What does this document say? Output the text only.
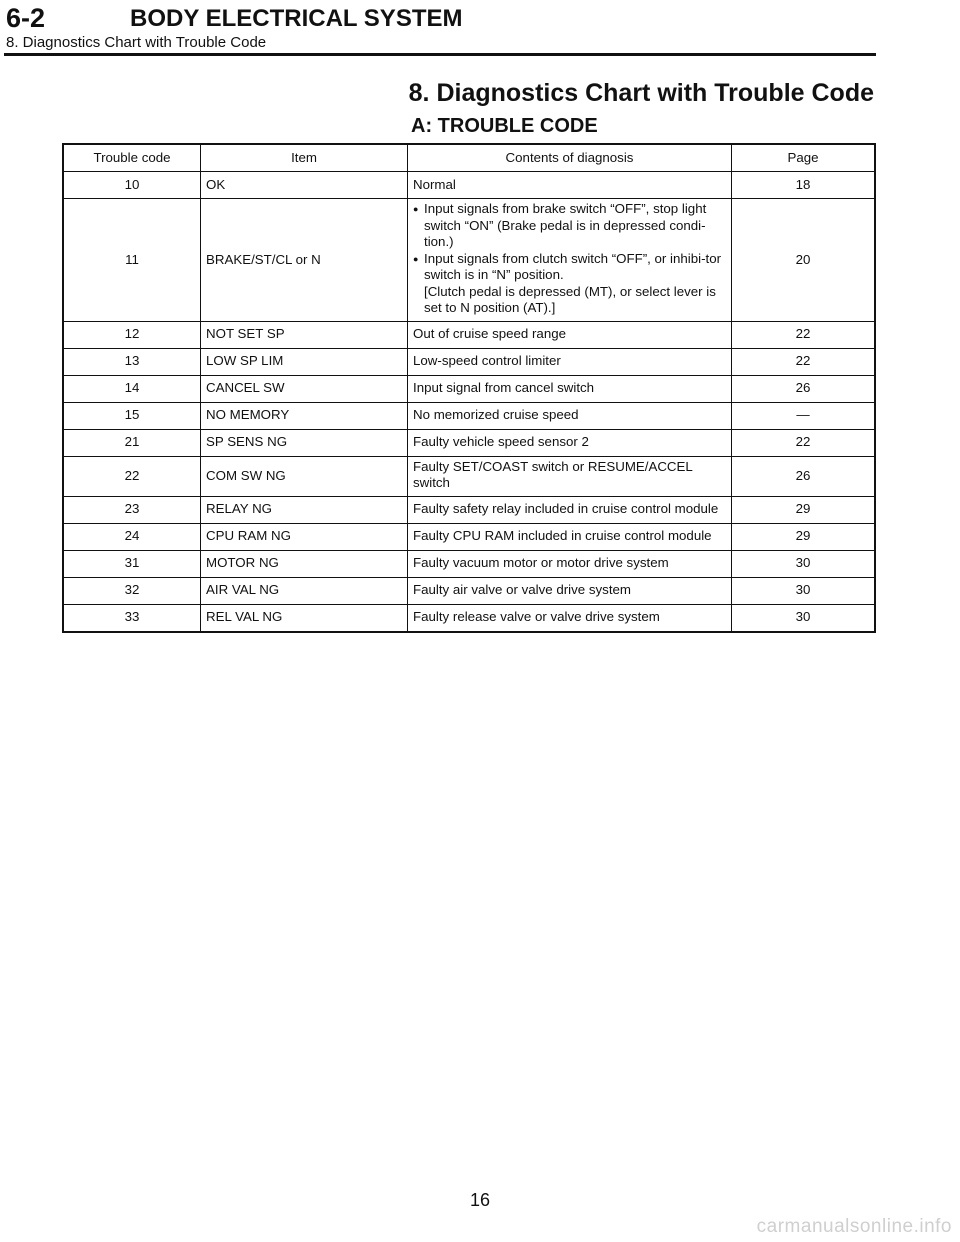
6-2	BODY ELECTRICAL SYSTEM
8. Diagnostics Chart with Trouble Code
8. Diagnostics Chart with Trouble Code
A: TROUBLE CODE
Trouble code	Item	Contents of diagnosis	Page
10	OK	Normal	18
11	BRAKE/ST/CL or N	● Input signals from brake switch “OFF”, stop light switch “ON” (Brake pedal is in depressed condi-tion.)
● Input signals from clutch switch “OFF”, or inhibi-tor switch is in “N” position.
[Clutch pedal is depressed (MT), or select lever is set to N position (AT).]	20
12	NOT SET SP	Out of cruise speed range	22
13	LOW SP LIM	Low-speed control limiter	22
14	CANCEL SW	Input signal from cancel switch	26
15	NO MEMORY	No memorized cruise speed	—
21	SP SENS NG	Faulty vehicle speed sensor 2	22
22	COM SW NG	Faulty SET/COAST switch or RESUME/ACCEL switch	26
23	RELAY NG	Faulty safety relay included in cruise control module	29
24	CPU RAM NG	Faulty CPU RAM included in cruise control module	29
31	MOTOR NG	Faulty vacuum motor or motor drive system	30
32	AIR VAL NG	Faulty air valve or valve drive system	30
33	REL VAL NG	Faulty release valve or valve drive system	30
16
carmanualsonline.info
